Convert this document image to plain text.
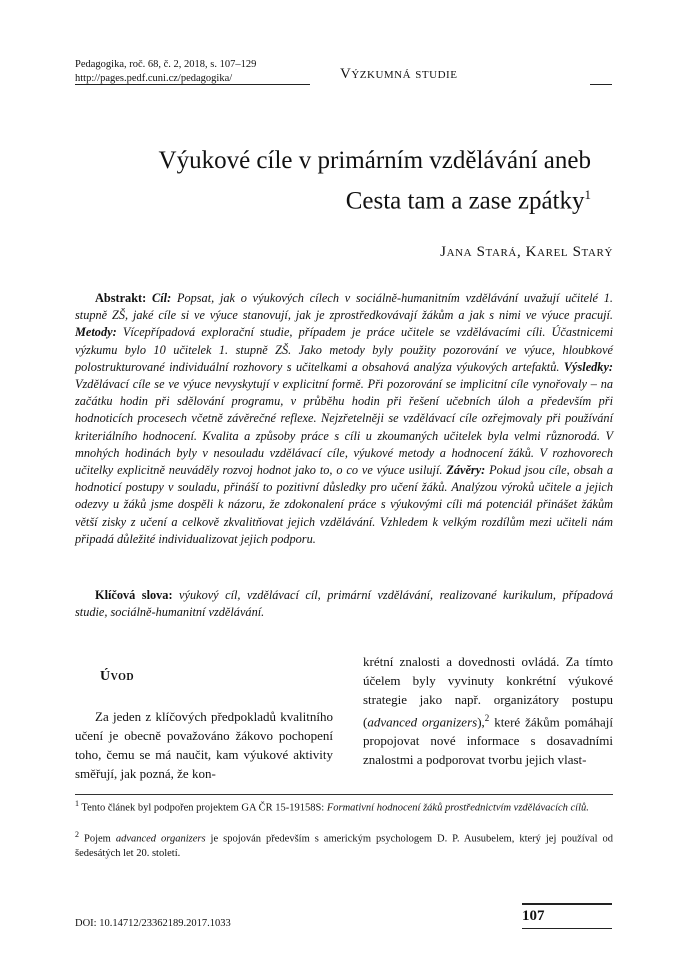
Pedagogika, roč. 68, č. 2, 2018, s. 107–129
http://pages.pedf.cuni.cz/pedagogika/	Výzkumná studie
Výukové cíle v primárním vzdělávání aneb
Cesta tam a zase zpátky$^1$
Jana Stará, Karel Starý
Abstrakt: Cíl: Popsat, jak o výukových cílech v sociálně-humanitním vzdělávání uvažují učitelé 1. stupně ZŠ, jaké cíle si ve výuce stanovují, jak je zprostředkovávají žákům a jak s nimi ve výuce pracují. Metody: Vícepřípadová explorační studie, případem je práce učitele se vzdělávacími cíli. Účastnicemi výzkumu bylo 10 učitelek 1. stupně ZŠ. Jako metody byly použity pozorování ve výuce, hloubkové polostrukturované individuální rozhovory s učitelkami a obsahová analýza výukových artefaktů. Výsledky: Vzdělávací cíle se ve výuce nevyskytují v explicitní formě. Při pozorování se implicitní cíle vynořovaly – na začátku hodin při sdělování programu, v průběhu hodin při řešení učebních úloh a především při hodnoticích procesech včetně závěrečné reflexe. Nejzřetelněji se vzdělávací cíle ozřejmovaly při používání kriteriálního hodnocení. Kvalita a způsoby práce s cíli u zkoumaných učitelek byla velmi různorodá. V mnohých hodinách byly v nesouladu vzdělávací cíle, výukové metody a hodnocení žáků. V rozhovorech učitelky explicitně neuváděly rozvoj hodnot jako to, o co ve výuce usilují. Závěry: Pokud jsou cíle, obsah a hodnoticí postupy v souladu, přináší to pozitivní důsledky pro učení žáků. Analýzou výroků učitele a jejich odezvy u žáků jsme dospěli k názoru, že zdokonalení práce s výukovými cíli má potenciál přinášet žákům větší zisky z učení a celkově zkvalitňovat jejich vzdělávání. Vzhledem k velkým rozdílům mezi učiteli nám připadá důležité individualizovat jejich podporu.
Klíčová slova: výukový cíl, vzdělávací cíl, primární vzdělávání, realizované kurikulum, případová studie, sociálně-humanitní vzdělávání.
Úvod
Za jeden z klíčových předpokladů kvalitního učení je obecně považováno žákovo pochopení toho, čemu se má naučit, kam výukové aktivity směřují, jak pozná, že kon-
krétní znalosti a dovednosti ovládá. Za tímto účelem byly vyvinuty konkrétní výukové strategie jako např. organizátory postupu (advanced organizers),$^2$ které žákům pomáhají propojovat nové informace s dosavadními znalostmi a podporovat tvorbu jejich vlast-
$^1$ Tento článek byl podpořen projektem GA ČR 15-19158S: Formativní hodnocení žáků prostřednictvím vzdělávacích cílů.
$^2$ Pojem advanced organizers je spojován především s americkým psychologem D. P. Ausubelem, který jej používal od šedesátých let 20. století.
DOI: 10.14712/23362189.2017.1033	107
